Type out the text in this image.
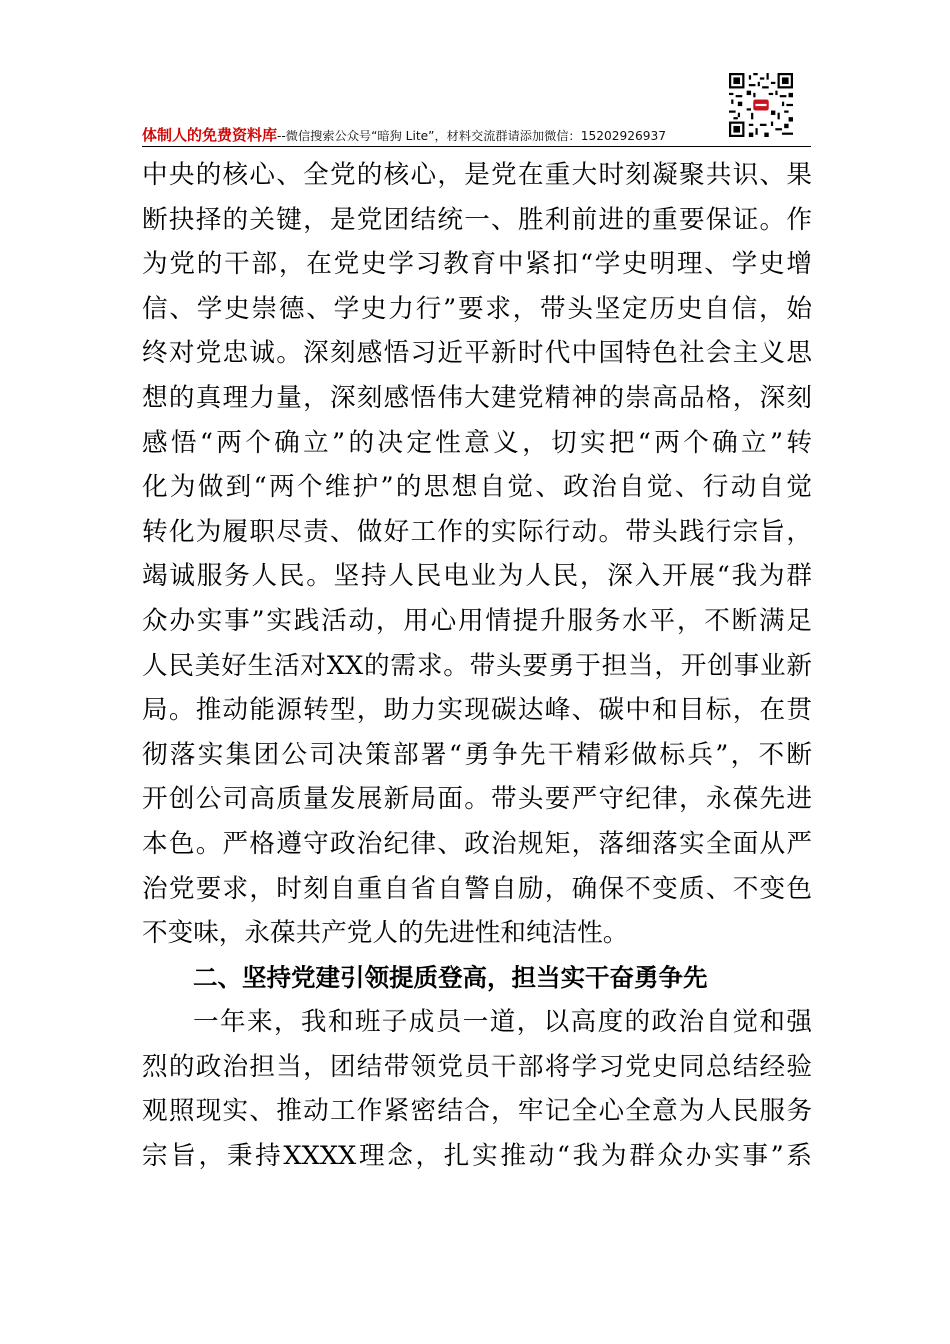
体制人的免费资料库--微信搜索公众号“暗狗 Lite”，材料交流群请添加微信：15202926937
中央的核心、全党的核心，是党在重大时刻凝聚共识、果
断抉择的关键，是党团结统一、胜利前进的重要保证。作
为党的干部，在党史学习教育中紧扣“学史明理、学史增
信、学史崇德、学史力行”要求，带头坚定历史自信，始
终对党忠诚。深刻感悟习近平新时代中国特色社会主义思
想的真理力量，深刻感悟伟大建党精神的崇高品格，深刻
感悟“两个确立”的决定性意义，切实把“两个确立”转
化为做到“两个维护”的思想自觉、政治自觉、行动自觉
转化为履职尽责、做好工作的实际行动。带头践行宗旨，
竭诚服务人民。坚持人民电业为人民，深入开展“我为群
众办实事”实践活动，用心用情提升服务水平，不断满足
人民美好生活对XX的需求。带头要勇于担当，开创事业新
局。推动能源转型，助力实现碳达峰、碳中和目标，在贯
彻落实集团公司决策部署“勇争先干精彩做标兵”，不断
开创公司高质量发展新局面。带头要严守纪律，永葆先进
本色。严格遵守政治纪律、政治规矩，落细落实全面从严
治党要求，时刻自重自省自警自励，确保不变质、不变色
不变味，永葆共产党人的先进性和纯洁性。
二、坚持党建引领提质登高，担当实干奋勇争先
一年来，我和班子成员一道，以高度的政治自觉和强
烈的政治担当，团结带领党员干部将学习党史同总结经验
观照现实、推动工作紧密结合，牢记全心全意为人民服务
宗旨，秉持XXXX理念，扎实推动“我为群众办实事”系
